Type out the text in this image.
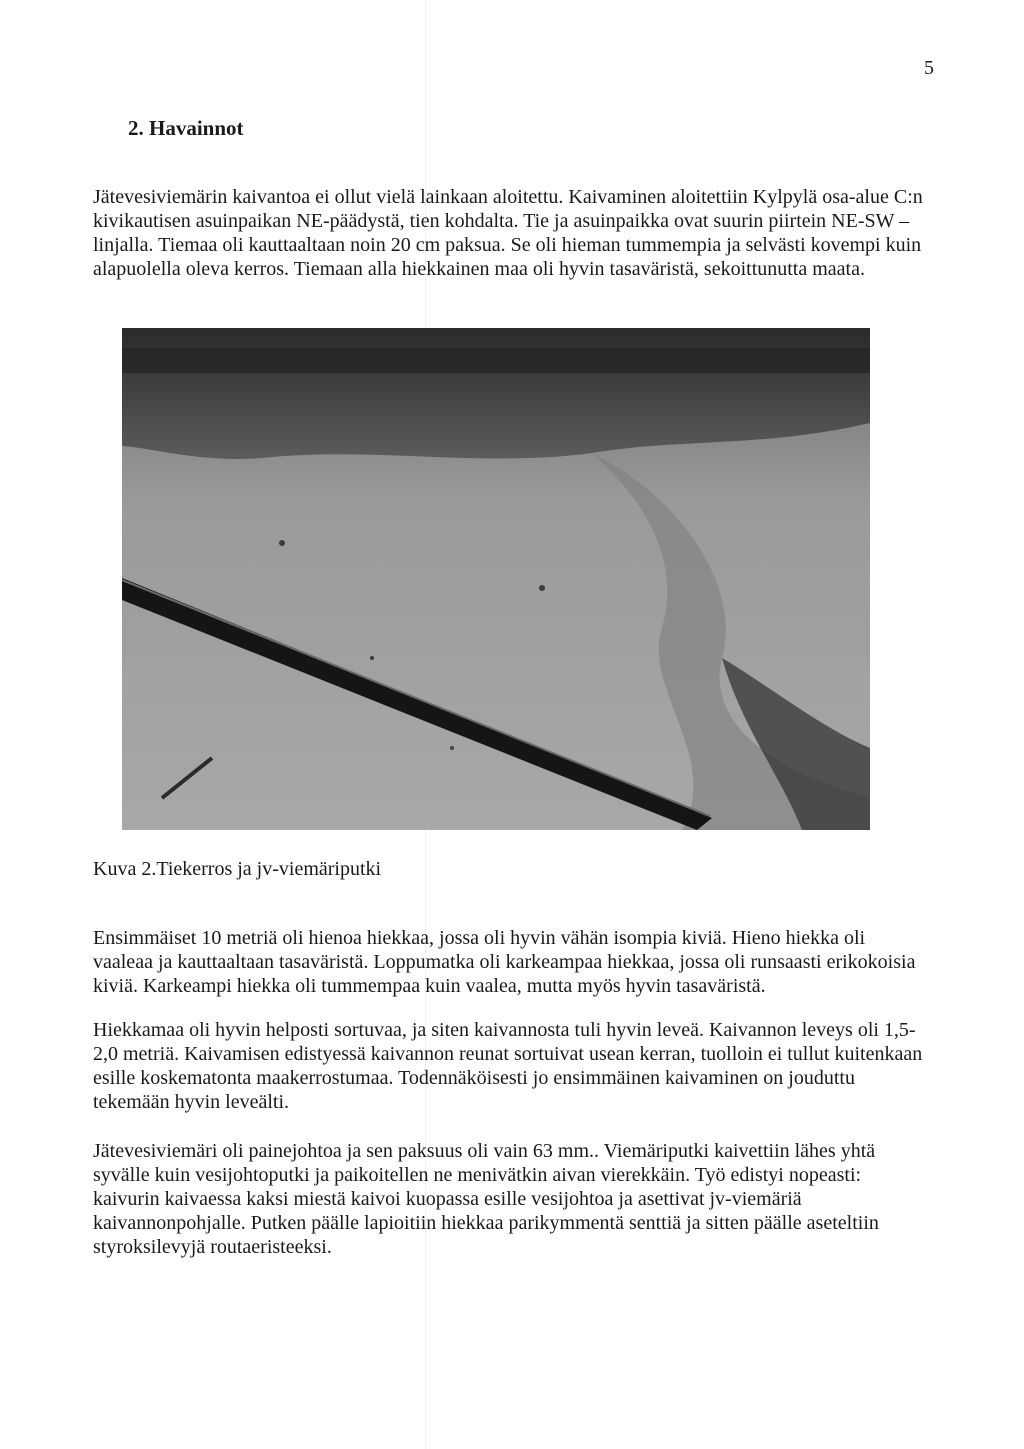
5
2. Havainnot

Jätevesiviemärin kaivantoa ei ollut vielä lainkaan aloitettu. Kaivaminen aloitettiin Kylpylä osa-alue C:n kivikautisen asuinpaikan NE-päädystä, tien kohdalta. Tie ja asuinpaikka ovat suurin piirtein NE-SW –linjalla. Tiemaa oli kauttaaltaan noin 20 cm paksua. Se oli hieman tummempia ja selvästi kovempi kuin alapuolella oleva kerros. Tiemaan alla hiekkainen maa oli hyvin tasaväristä, sekoittunutta maata.

Kuva 2.Tiekerros ja jv-viemäriputki

Ensimmäiset 10 metriä oli hienoa hiekkaa, jossa oli hyvin vähän isompia kiviä. Hieno hiekka oli vaaleaa ja kauttaaltaan tasaväristä. Loppumatka oli karkeampaa hiekkaa, jossa oli runsaasti erikokoisia kiviä. Karkeampi hiekka oli tummempaa kuin vaalea, mutta myös hyvin tasaväristä.

Hiekkamaa oli hyvin helposti sortuvaa, ja siten kaivannosta tuli hyvin leveä. Kaivannon leveys oli 1,5-2,0 metriä. Kaivamisen edistyessä kaivannon reunat sortuivat usean kerran, tuolloin ei tullut kuitenkaan esille koskematonta maakerrostumaa. Todennäköisesti jo ensimmäinen kaivaminen on jouduttu tekemään hyvin leveälti.

Jätevesiviemäri oli painejohtoa ja sen paksuus oli vain 63 mm.. Viemäriputki kaivettiin lähes yhtä syvälle kuin vesijohtoputki ja paikoitellen ne menivätkin aivan vierekkäin. Työ edistyi nopeasti: kaivurin kaivaessa kaksi miestä kaivoi kuopassa esille vesijohtoa ja asettivat jv-viemäriä kaivannonpohjalle. Putken päälle lapioitiin hiekkaa parikymmentä senttiä ja sitten päälle aseteltiin styroksilevyjä routaeristeeksi.
